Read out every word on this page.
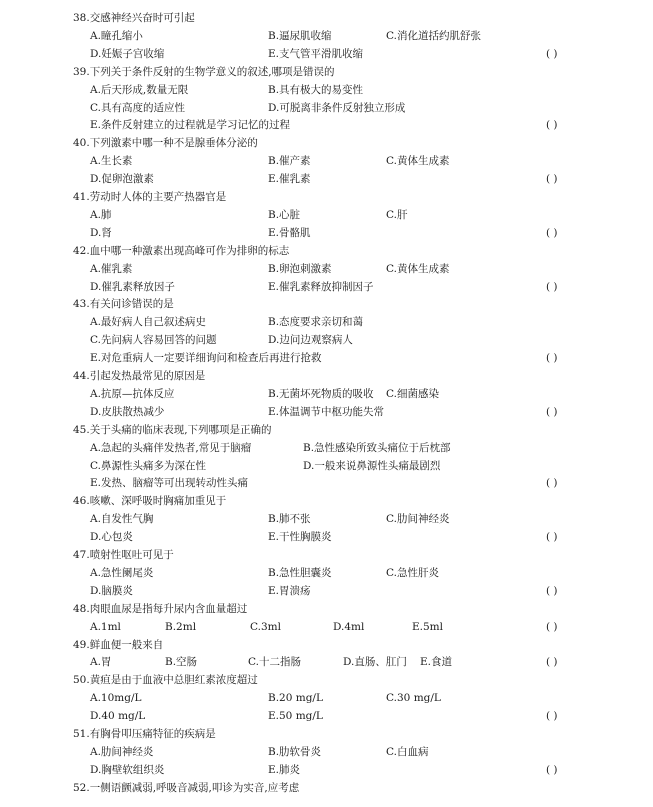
38.交感神经兴奋时可引起
A.瞳孔缩小	B.逼尿肌收缩	C.消化道括约肌舒张
D.妊娠子宫收缩	E.支气管平滑肌收缩	( )
39.下列关于条件反射的生物学意义的叙述,哪项是错误的
A.后天形成,数量无限	B.具有极大的易变性
C.具有高度的适应性	D.可脱离非条件反射独立形成
E.条件反射建立的过程就是学习记忆的过程	( )
40.下列激素中哪一种不是腺垂体分泌的
A.生长素	B.催产素	C.黄体生成素
D.促卵泡激素	E.催乳素	( )
41.劳动时人体的主要产热器官是
A.肺	B.心脏	C.肝
D.肾	E.骨骼肌	( )
42.血中哪一种激素出现高峰可作为排卵的标志
A.催乳素	B.卵泡刺激素	C.黄体生成素
D.催乳素释放因子	E.催乳素释放抑制因子	( )
43.有关问诊错误的是
A.最好病人自己叙述病史	B.态度要求亲切和蔼
C.先问病人容易回答的问题	D.边问边观察病人
E.对危重病人一定要详细询问和检查后再进行抢救	( )
44.引起发热最常见的原因是
A.抗原—抗体反应	B.无菌坏死物质的吸收 C.细菌感染
D.皮肤散热减少	E.体温调节中枢功能失常	( )
45.关于头痛的临床表现,下列哪项是正确的
A.急起的头痛伴发热者,常见于脑瘤	B.急性感染所致头痛位于后枕部
C.鼻源性头痛多为深在性	D.一般来说鼻源性头痛最剧烈
E.发热、脑瘤等可出现转动性头痛	( )
46.咳嗽、深呼吸时胸痛加重见于
A.自发性气胸	B.肺不张	C.肋间神经炎
D.心包炎	E.干性胸膜炎	( )
47.喷射性呕吐可见于
A.急性阑尾炎	B.急性胆囊炎	C.急性肝炎
D.脑膜炎	E.胃溃疡	( )
48.肉眼血尿是指每升尿内含血量超过
A.1ml	B.2ml	C.3ml	D.4ml	E.5ml	( )
49.鲜血便一般来自
A.胃	B.空肠	C.十二指肠	D.直肠、肛门 E.食道	( )
50.黄疸是由于血液中总胆红素浓度超过
A.10mg/L	B.20 mg/L	C.30 mg/L
D.40 mg/L	E.50 mg/L	( )
51.有胸骨叩压痛特征的疾病是
A.肋间神经炎	B.肋软骨炎	C.白血病
D.胸壁软组织炎	E.肺炎	( )
52.一侧语颤减弱,呼吸音减弱,叩诊为实音,应考虑
